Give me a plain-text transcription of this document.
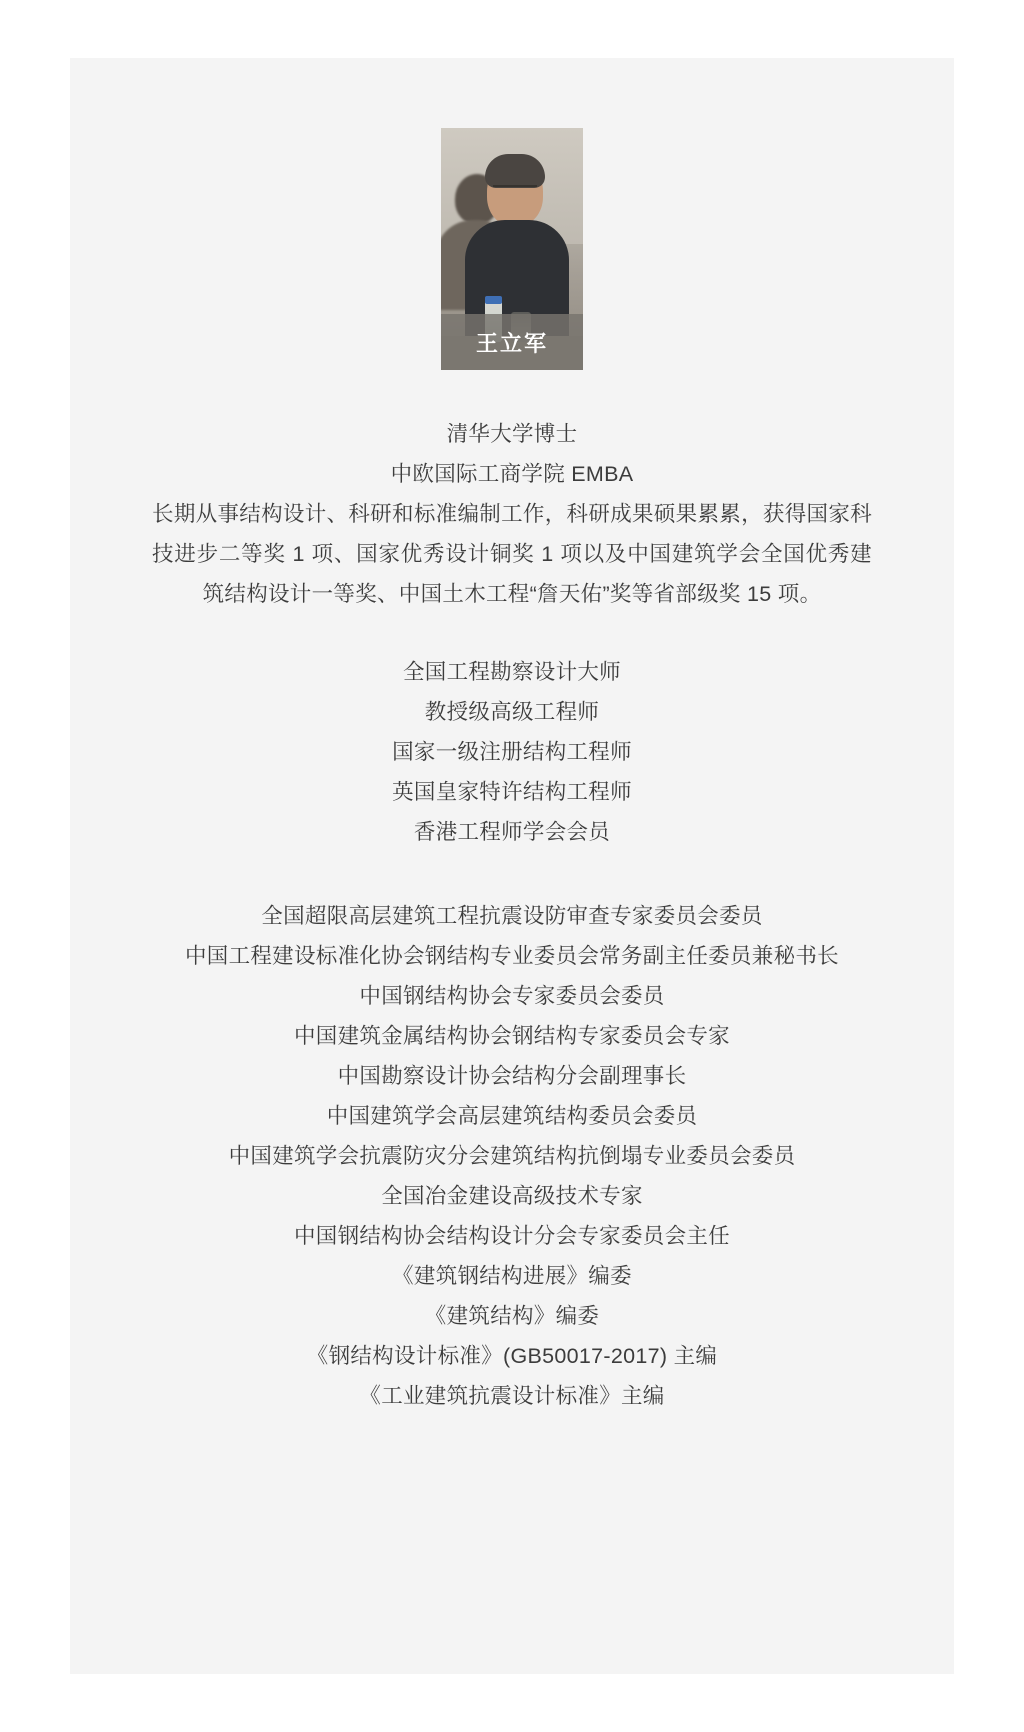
王立军
清华大学博士
中欧国际工商学院 EMBA
长期从事结构设计、科研和标准编制工作，科研成果硕果累累，获得国家科技进步二等奖 1 项、国家优秀设计铜奖 1 项以及中国建筑学会全国优秀建筑结构设计一等奖、中国土木工程“詹天佑”奖等省部级奖 15 项。
全国工程勘察设计大师
教授级高级工程师
国家一级注册结构工程师
英国皇家特许结构工程师
香港工程师学会会员
全国超限高层建筑工程抗震设防审查专家委员会委员
中国工程建设标准化协会钢结构专业委员会常务副主任委员兼秘书长
中国钢结构协会专家委员会委员
中国建筑金属结构协会钢结构专家委员会专家
中国勘察设计协会结构分会副理事长
中国建筑学会高层建筑结构委员会委员
中国建筑学会抗震防灾分会建筑结构抗倒塌专业委员会委员
全国冶金建设高级技术专家
中国钢结构协会结构设计分会专家委员会主任
《建筑钢结构进展》编委
《建筑结构》编委
《钢结构设计标准》(GB50017-2017) 主编
《工业建筑抗震设计标准》主编
